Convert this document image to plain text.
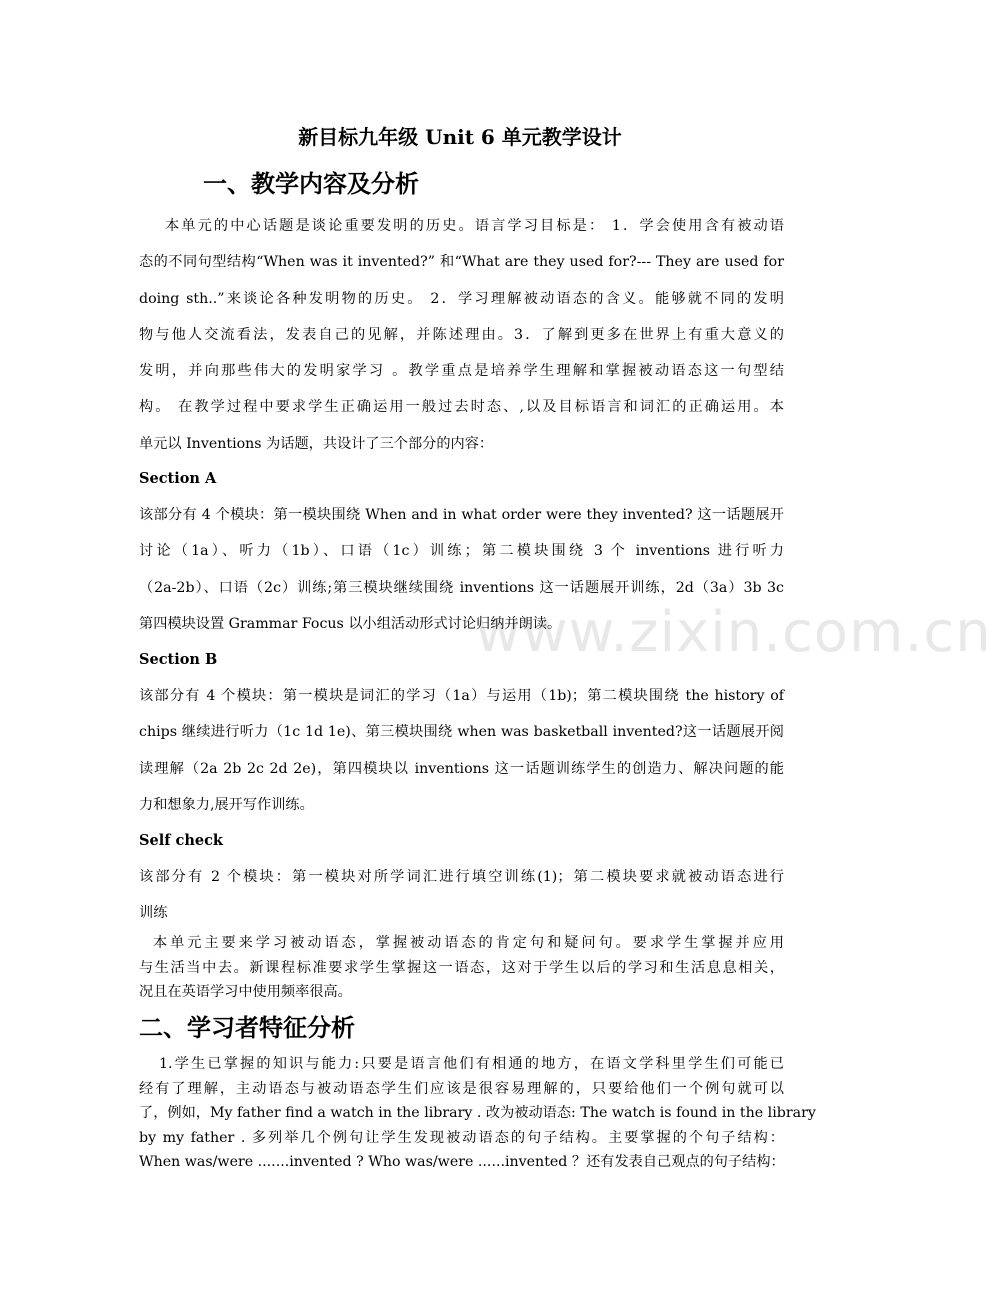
www.zixin.com.cn
新目标九年级 Unit 6 单元教学设计
一、教学内容及分析
本单元的中心话题是谈论重要发明的历史。语言学习目标是： 1．学会使用含有被动语
态的不同句型结构“When was it invented?” 和“What are they used for?--- They are used for
doing sth..”来谈论各种发明物的历史。 2．学习理解被动语态的含义。能够就不同的发明
物与他人交流看法，发表自己的见解，并陈述理由。3．了解到更多在世界上有重大意义的
发明，并向那些伟大的发明家学习 。教学重点是培养学生理解和掌握被动语态这一句型结
构。 在教学过程中要求学生正确运用一般过去时态、,以及目标语言和词汇的正确运用。本
单元以 Inventions 为话题，共设计了三个部分的内容：
Section A
该部分有 4 个模块：第一模块围绕 When and in what order were they invented? 这一话题展开
讨论（1a）、听力（1b）、口语（1c）训练；第二模块围绕 3 个 inventions 进行听力
（2a-2b）、口语（2c）训练;第三模块继续围绕 inventions 这一话题展开训练，2d（3a）3b 3c
第四模块设置 Grammar Focus 以小组活动形式讨论归纳并朗读。
Section B
该部分有 4 个模块：第一模块是词汇的学习（1a）与运用（1b)；第二模块围绕 the history of
chips 继续进行听力（1c 1d 1e)、第三模块围绕 when was basketball invented?这一话题展开阅
读理解（2a 2b 2c 2d 2e)，第四模块以 inventions 这一话题训练学生的创造力、解决问题的能
力和想象力,展开写作训练。
Self check
该部分有 2 个模块：第一模块对所学词汇进行填空训练(1)；第二模块要求就被动语态进行
训练
本单元主要来学习被动语态，掌握被动语态的肯定句和疑问句。要求学生掌握并应用
与生活当中去。新课程标准要求学生掌握这一语态，这对于学生以后的学习和生活息息相关，
况且在英语学习中使用频率很高。
二、学习者特征分析
1.学生已掌握的知识与能力:只要是语言他们有相通的地方，在语文学科里学生们可能已
经有了理解，主动语态与被动语态学生们应该是很容易理解的，只要给他们一个例句就可以
了，例如，My father find a watch in the library . 改为被动语态: The watch is found in the library
by my father . 多列举几个例句让学生发现被动语态的句子结构。主要掌握的个句子结构：
When was/were .......invented ? Who was/were ......invented ？还有发表自己观点的句子结构：
